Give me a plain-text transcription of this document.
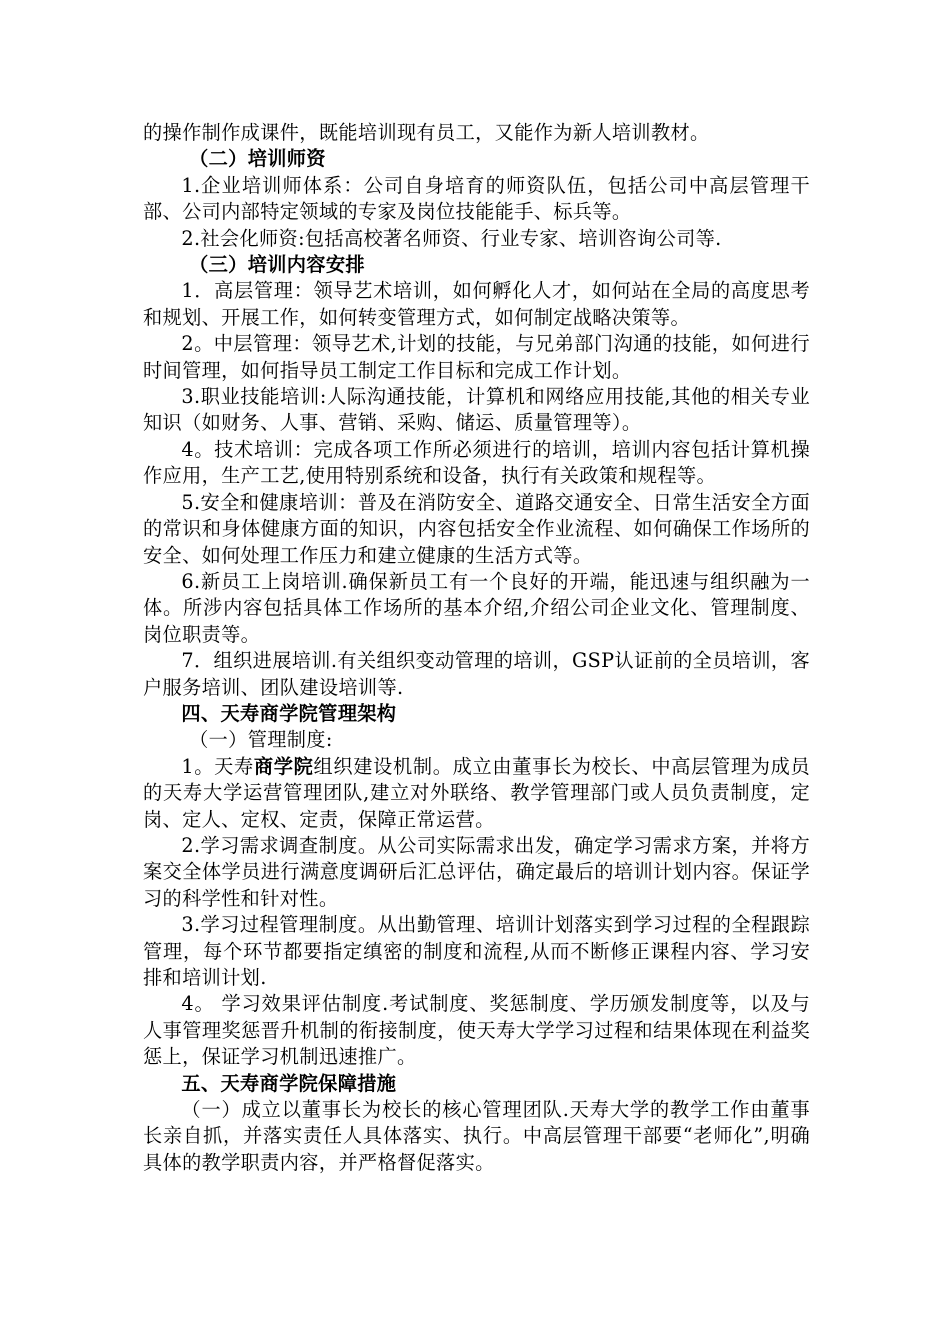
的操作制作成课件，既能培训现有员工，又能作为新人培训教材。

（二）培训师资

1.企业培训师体系：公司自身培育的师资队伍，包括公司中高层管理干部、公司内部特定领域的专家及岗位技能能手、标兵等。

2.社会化师资:包括高校著名师资、行业专家、培训咨询公司等.

（三）培训内容安排

1．高层管理：领导艺术培训，如何孵化人才，如何站在全局的高度思考和规划、开展工作，如何转变管理方式，如何制定战略决策等。

2。中层管理：领导艺术,计划的技能，与兄弟部门沟通的技能，如何进行时间管理，如何指导员工制定工作目标和完成工作计划。

3.职业技能培训:人际沟通技能，计算机和网络应用技能,其他的相关专业知识（如财务、人事、营销、采购、储运、质量管理等）。

4。技术培训：完成各项工作所必须进行的培训，培训内容包括计算机操作应用，生产工艺,使用特别系统和设备，执行有关政策和规程等。

5.安全和健康培训：普及在消防安全、道路交通安全、日常生活安全方面的常识和身体健康方面的知识，内容包括安全作业流程、如何确保工作场所的安全、如何处理工作压力和建立健康的生活方式等。

6.新员工上岗培训.确保新员工有一个良好的开端，能迅速与组织融为一体。所涉内容包括具体工作场所的基本介绍,介绍公司企业文化、管理制度、岗位职责等。

7．组织进展培训.有关组织变动管理的培训，GSP认证前的全员培训，客户服务培训、团队建设培训等.

四、天寿商学院管理架构

（一）管理制度:

1。天寿商学院组织建设机制。成立由董事长为校长、中高层管理为成员的天寿大学运营管理团队,建立对外联络、教学管理部门或人员负责制度，定岗、定人、定权、定责，保障正常运营。

2.学习需求调查制度。从公司实际需求出发，确定学习需求方案，并将方案交全体学员进行满意度调研后汇总评估，确定最后的培训计划内容。保证学习的科学性和针对性。

3.学习过程管理制度。从出勤管理、培训计划落实到学习过程的全程跟踪管理，每个环节都要指定缜密的制度和流程,从而不断修正课程内容、学习安排和培训计划.

4。 学习效果评估制度.考试制度、奖惩制度、学历颁发制度等，以及与人事管理奖惩晋升机制的衔接制度，使天寿大学学习过程和结果体现在利益奖惩上，保证学习机制迅速推广。

五、天寿商学院保障措施

（一）成立以董事长为校长的核心管理团队.天寿大学的教学工作由董事长亲自抓，并落实责任人具体落实、执行。中高层管理干部要“老师化”,明确具体的教学职责内容，并严格督促落实。
